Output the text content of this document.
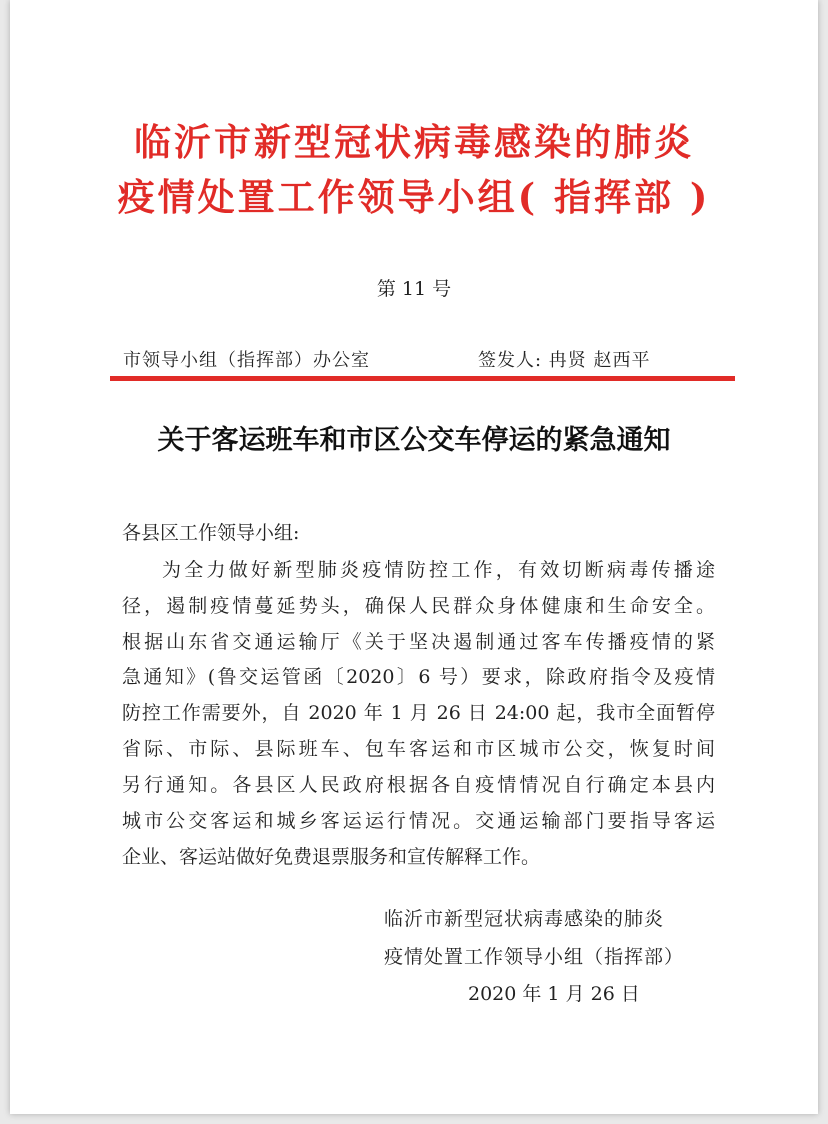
临沂市新型冠状病毒感染的肺炎
疫情处置工作领导小组( 指挥部 )
第 11 号
市领导小组（指挥部）办公室	签发人: 冉贤 赵西平
关于客运班车和市区公交车停运的紧急通知
各县区工作领导小组:
为全力做好新型肺炎疫情防控工作，有效切断病毒传播途
径，遏制疫情蔓延势头，确保人民群众身体健康和生命安全。
根据山东省交通运输厅《关于坚决遏制通过客车传播疫情的紧
急通知》(鲁交运管函〔2020〕6 号）要求，除政府指令及疫情
防控工作需要外，自 2020 年 1 月 26 日 24:00 起，我市全面暂停
省际、市际、县际班车、包车客运和市区城市公交，恢复时间
另行通知。各县区人民政府根据各自疫情情况自行确定本县内
城市公交客运和城乡客运运行情况。交通运输部门要指导客运
企业、客运站做好免费退票服务和宣传解释工作。
临沂市新型冠状病毒感染的肺炎
疫情处置工作领导小组（指挥部）
2020 年 1 月 26 日
